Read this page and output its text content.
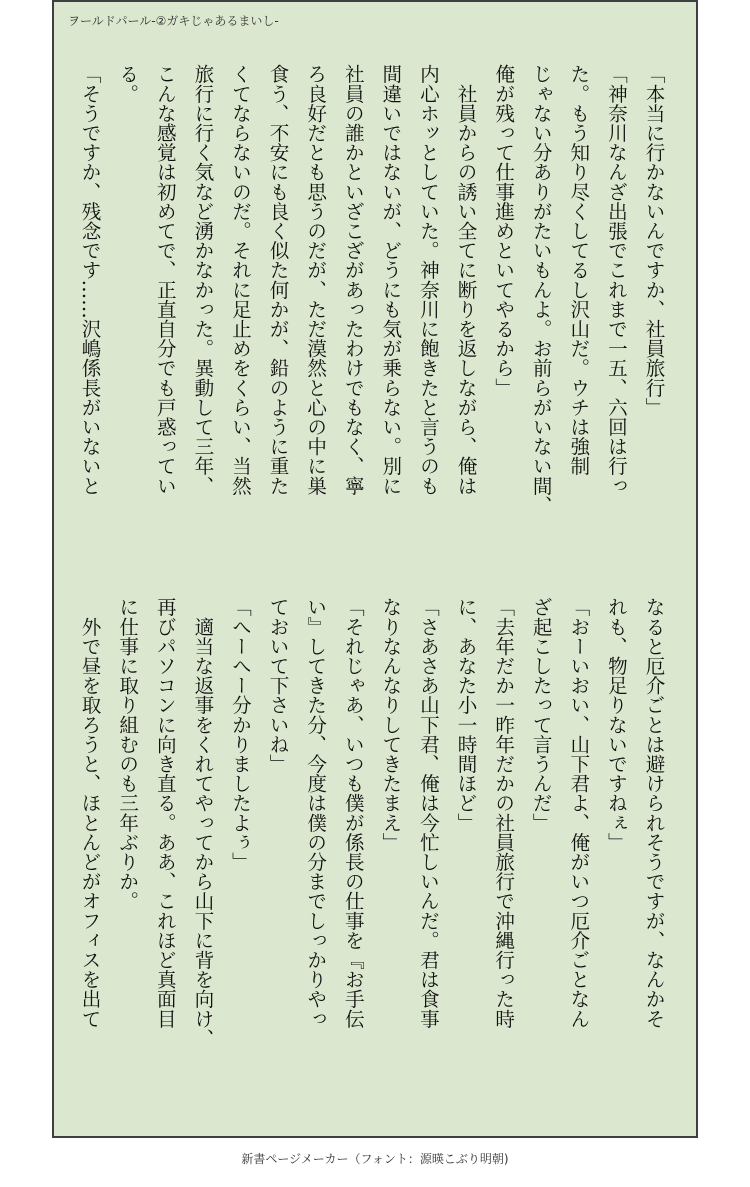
ヲールドパール-②ガキじゃあるまいし-
「本当に行かないんですか、社員旅行」
「神奈川なんざ出張でこれまで一五、六回は行っ
た。もう知り尽くしてるし沢山だ。ウチは強制
じゃない分ありがたいもんよ。お前らがいない間、
俺が残って仕事進めといてやるから」
　社員からの誘い全てに断りを返しながら、俺は
内心ホッとしていた。神奈川に飽きたと言うのも
間違いではないが、どうにも気が乗らない。別に
社員の誰かといざこざがあったわけでもなく、寧
ろ良好だとも思うのだが、ただ漠然と心の中に巣
食う、不安にも良く似た何かが、鉛のように重た
くてならないのだ。それに足止めをくらい、当然
旅行に行く気など湧かなかった。異動して三年、
こんな感覚は初めてで、正直自分でも戸惑ってい
る。
「そうですか、残念です……沢嶋係長がいないと
なると厄介ごとは避けられそうですが、なんかそ
れも、物足りないですねぇ」
「おーいおい、山下君よ、俺がいつ厄介ごとなん
ざ起こしたって言うんだ」
「去年だか一昨年だかの社員旅行で沖縄行った時
に、あなた小一時間ほど」
「さあさあ山下君、俺は今忙しいんだ。君は食事
なりなんなりしてきたまえ」
「それじゃあ、いつも僕が係長の仕事を『お手伝
い』してきた分、今度は僕の分までしっかりやっ
ておいて下さいね」
「へーへー分かりましたよぅ」
　適当な返事をくれてやってから山下に背を向け、
再びパソコンに向き直る。ああ、これほど真面目
に仕事に取り組むのも三年ぶりか。
　外で昼を取ろうと、ほとんどがオフィスを出て
新書ページメーカー（フォント：源暎こぶり明朝)
